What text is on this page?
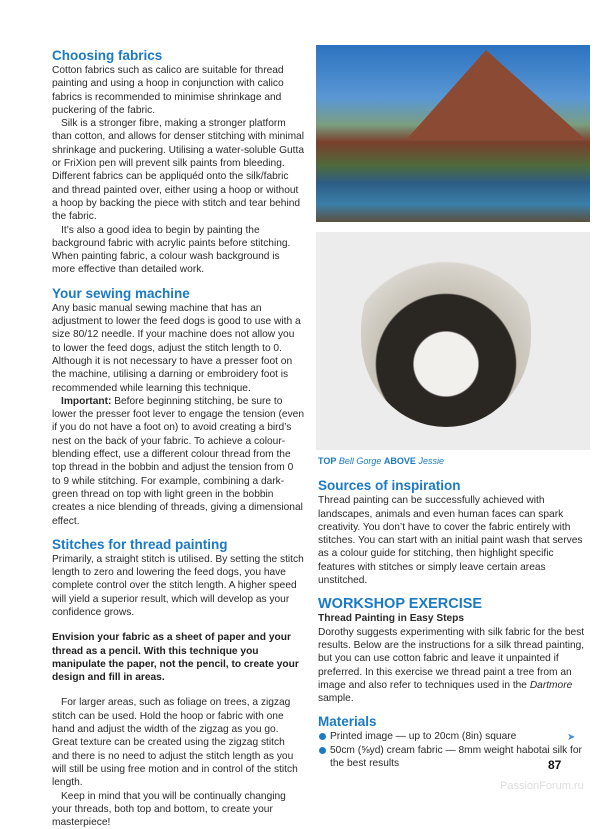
Choosing fabrics

Cotton fabrics such as calico are suitable for thread painting and using a hoop in conjunction with calico fabrics is recommended to minimise shrinkage and puckering of the fabric.

Silk is a stronger fibre, making a stronger platform than cotton, and allows for denser stitching with minimal shrinkage and puckering. Utilising a water-soluble Gutta or FriXion pen will prevent silk paints from bleeding. Different fabrics can be appliquéd onto the silk/fabric and thread painted over, either using a hoop or without a hoop by backing the piece with stitch and tear behind the fabric.

It’s also a good idea to begin by painting the background fabric with acrylic paints before stitching. When painting fabric, a colour wash background is more effective than detailed work.

Your sewing machine

Any basic manual sewing machine that has an adjustment to lower the feed dogs is good to use with a size 80/12 needle. If your machine does not allow you to lower the feed dogs, adjust the stitch length to 0. Although it is not necessary to have a presser foot on the machine, utilising a darning or embroidery foot is recommended while learning this technique.

Important: Before beginning stitching, be sure to lower the presser foot lever to engage the tension (even if you do not have a foot on) to avoid creating a bird’s nest on the back of your fabric. To achieve a colour-blending effect, use a different colour thread from the top thread in the bobbin and adjust the tension from 0 to 9 while stitching. For example, combining a dark-green thread on top with light green in the bobbin creates a nice blending of threads, giving a dimensional effect.

Stitches for thread painting

Primarily, a straight stitch is utilised. By setting the stitch length to zero and lowering the feed dogs, you have complete control over the stitch length. A higher speed will yield a superior result, which will develop as your confidence grows.

Envision your fabric as a sheet of paper and your thread as a pencil. With this technique you manipulate the paper, not the pencil, to create your design and fill in areas.

For larger areas, such as foliage on trees, a zigzag stitch can be used. Hold the hoop or fabric with one hand and adjust the width of the zigzag as you go. Great texture can be created using the zigzag stitch and there is no need to adjust the stitch length as you will still be using free motion and in control of the stitch length.

Keep in mind that you will be continually changing your threads, both top and bottom, to create your masterpiece!

TOP Bell Gorge ABOVE Jessie
Sources of inspiration

Thread painting can be successfully achieved with landscapes, animals and even human faces can spark creativity. You don’t have to cover the fabric entirely with stitches. You can start with an initial paint wash that serves as a colour guide for stitching, then highlight specific features with stitches or simply leave certain areas unstitched.

WORKSHOP EXERCISE

Thread Painting in Easy Steps

Dorothy suggests experimenting with silk fabric for the best results. Below are the instructions for a silk thread painting, but you can use cotton fabric and leave it unpainted if preferred. In this exercise we thread paint a tree from an image and also refer to techniques used in the Dartmore sample.

Materials
Printed image — up to 20cm (8in) square
50cm (⅝yd) cream fabric — 8mm weight habotai silk for the best results
➤
87
PassionForum.ru
